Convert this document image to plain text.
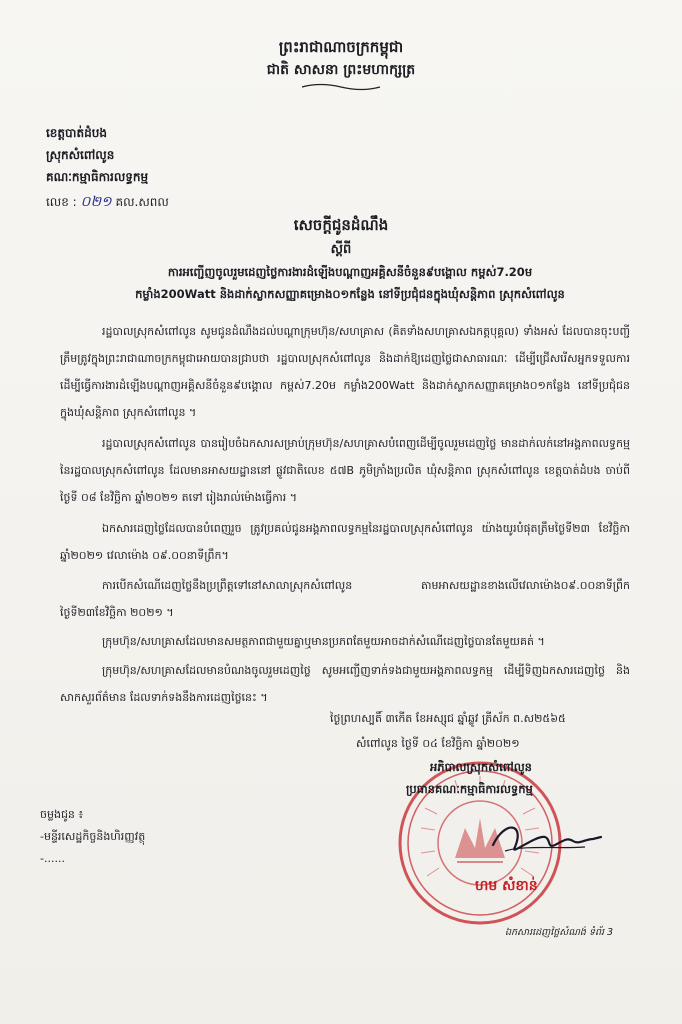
ព្រះរាជាណាចក្រកម្ពុជា
ជាតិ សាសនា ព្រះមហាក្សត្រ
ខេត្តបាត់ដំបង
ស្រុកសំពៅលូន
គណៈកម្មាធិការលទ្ធកម្ម
លេខ : ០២១ គល.សពល
សេចក្តីជូនដំណឹង
ស្តីពី
ការអញ្ជើញចូលរួមដេញថ្លៃការងារដំឡើងបណ្តាញអគ្គិសនីចំនួន៩បង្គោល កម្ពស់7.20ម
កម្លាំង200Watt និងដាក់ស្លាកសញ្ញាគម្រោង០១កន្លែង នៅទីប្រជុំជនក្នុងឃុំសន្តិភាព ស្រុកសំពៅលូន
រដ្ឋបាលស្រុកសំពៅលូន សូមជូនដំណឹងដល់បណ្តាក្រុមហ៊ុន/សហគ្រាស (គិតទាំងសហគ្រាសឯកត្តបុគ្គល) ទាំងអស់ ដែលបានចុះបញ្ជីត្រឹមត្រូវក្នុងព្រះរាជាណាចក្រកម្ពុជាអោយបានជ្រាបថា រដ្ឋបាលស្រុកសំពៅលូន និងដាក់ឱ្យដេញថ្លៃជាសាធារណៈ ដើម្បីជ្រើសរើសអ្នកទទួលការដើម្បីធ្វើការងារដំឡើងបណ្តាញអគ្គិសនីចំនួន៩បង្គោល កម្ពស់7.20ម កម្លាំង200Watt និងដាក់ស្លាកសញ្ញាគម្រោង០១កន្លែង នៅទីប្រជុំជនក្នុងឃុំសន្តិភាព ស្រុកសំពៅលូន ។
រដ្ឋបាលស្រុកសំពៅលូន បានរៀបចំឯកសារសម្រាប់ក្រុមហ៊ុន/សហគ្រាសបំពេញដើម្បីចូលរួមដេញថ្លៃ មានដាក់លក់នៅអង្គភាពលទ្ធកម្មនៃរដ្ឋបាលស្រុកសំពៅលូន ដែលមានអាសយដ្ឋាននៅ ផ្លូវជាតិលេខ ៥៧B ភូមិក្រាំងប្រលិត ឃុំសន្តិភាព ស្រុកសំពៅលូន ខេត្តបាត់ដំបង ចាប់ពីថ្ងៃទី ០៨ ខែវិច្ឆិកា ឆ្នាំ២០២១ តទៅ រៀងរាល់ម៉ោងធ្វើការ ។
ឯកសារដេញថ្លៃដែលបានបំពេញរួច ត្រូវប្រគល់ជូនអង្គភាពលទ្ធកម្មនៃរដ្ឋបាលស្រុកសំពៅលូន យ៉ាងយូរបំផុតត្រឹមថ្ងៃទី២៣ ខែវិច្ឆិកា ឆ្នាំ២០២១ វេលាម៉ោង ០៩.០០នាទីព្រឹក។
ការបើកសំណើដេញថ្លៃនឹងប្រព្រឹត្តទៅនៅសាលាស្រុកសំពៅលូន តាមអាសយដ្ឋានខាងលើវេលាម៉ោង០៩.០០នាទីព្រឹក ថ្ងៃទី២៣ខែវិច្ឆិកា ២០២១ ។
ក្រុមហ៊ុន/សហគ្រាសដែលមានសមត្ថភាពជាមួយគ្នាឬមានប្រភពតែមួយអាចដាក់សំណើដេញថ្លៃបានតែមួយគត់ ។
ក្រុមហ៊ុន/សហគ្រាសដែលមានបំណងចូលរួមដេញថ្លៃ សូមអញ្ជើញទាក់ទងជាមួយអង្គភាពលទ្ធកម្ម ដើម្បីទិញឯកសារដេញថ្លៃ និងសាកសួរព័ត៌មាន ដែលទាក់ទងនឹងការដេញថ្លៃនេះ ។
ថ្ងៃព្រហស្បតិ៍ ៣កើត ខែអស្សុជ ឆ្នាំឆ្លូវ ត្រីស័ក ព.ស២៥៦៥
សំពៅលូន ថ្ងៃទី ០៤ ខែវិច្ឆិកា ឆ្នាំ២០២១
អភិបាលស្រុកសំពៅលូន
ប្រធានគណៈកម្មាធិការលទ្ធកម្ម
ហម សំខាន់
ចម្លងជូន ៖
-មន្ទីរសេដ្ឋកិច្ចនិងហិរញ្ញវត្ថុ
-......
ឯកសារដេញថ្លៃសំណង់ ទំព័រ 3
